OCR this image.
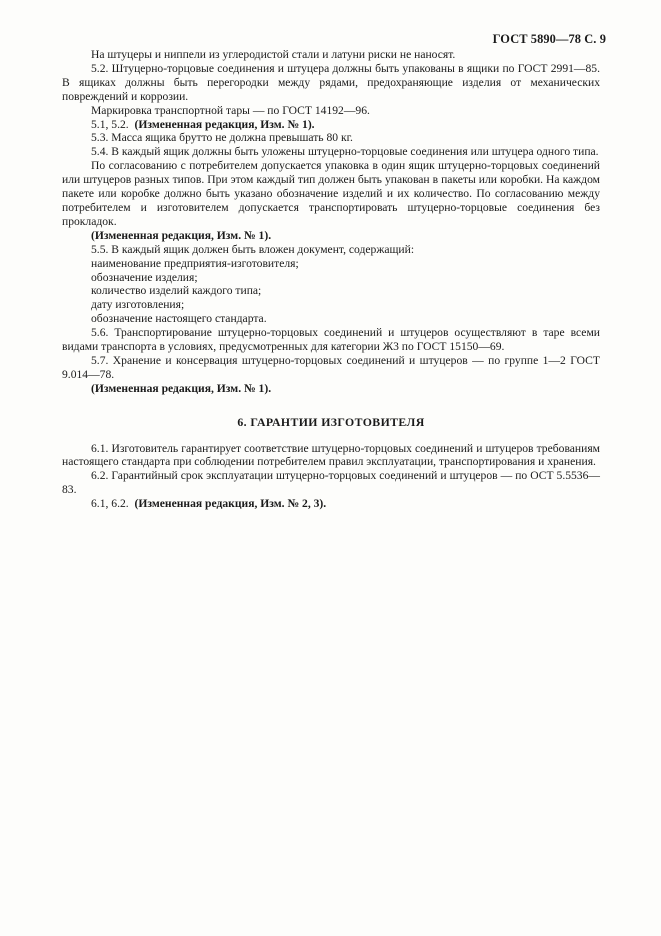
ГОСТ 5890—78 С. 9

На штуцеры и ниппели из углеродистой стали и латуни риски не наносят.

5.2. Штуцерно-торцовые соединения и штуцера должны быть упакованы в ящики по ГОСТ 2991—85. В ящиках должны быть перегородки между рядами, предохраняющие изделия от механических повреждений и коррозии.

Маркировка транспортной тары — по ГОСТ 14192—96.

5.1, 5.2. (Измененная редакция, Изм. № 1).

5.3. Масса ящика брутто не должна превышать 80 кг.

5.4. В каждый ящик должны быть уложены штуцерно-торцовые соединения или штуцера одного типа.

По согласованию с потребителем допускается упаковка в один ящик штуцерно-торцовых соединений или штуцеров разных типов. При этом каждый тип должен быть упакован в пакеты или коробки. На каждом пакете или коробке должно быть указано обозначение изделий и их количество. По согласованию между потребителем и изготовителем допускается транспортировать штуцерно-торцовые соединения без прокладок.

(Измененная редакция, Изм. № 1).

5.5. В каждый ящик должен быть вложен документ, содержащий:

наименование предприятия-изготовителя;

обозначение изделия;

количество изделий каждого типа;

дату изготовления;

обозначение настоящего стандарта.

5.6. Транспортирование штуцерно-торцовых соединений и штуцеров осуществляют в таре всеми видами транспорта в условиях, предусмотренных для категории Ж3 по ГОСТ 15150—69.

5.7. Хранение и консервация штуцерно-торцовых соединений и штуцеров — по группе 1—2 ГОСТ 9.014—78.

(Измененная редакция, Изм. № 1).

6. ГАРАНТИИ ИЗГОТОВИТЕЛЯ

6.1. Изготовитель гарантирует соответствие штуцерно-торцовых соединений и штуцеров требованиям настоящего стандарта при соблюдении потребителем правил эксплуатации, транспортирования и хранения.

6.2. Гарантийный срок эксплуатации штуцерно-торцовых соединений и штуцеров — по ОСТ 5.5536—83.

6.1, 6.2. (Измененная редакция, Изм. № 2, 3).
